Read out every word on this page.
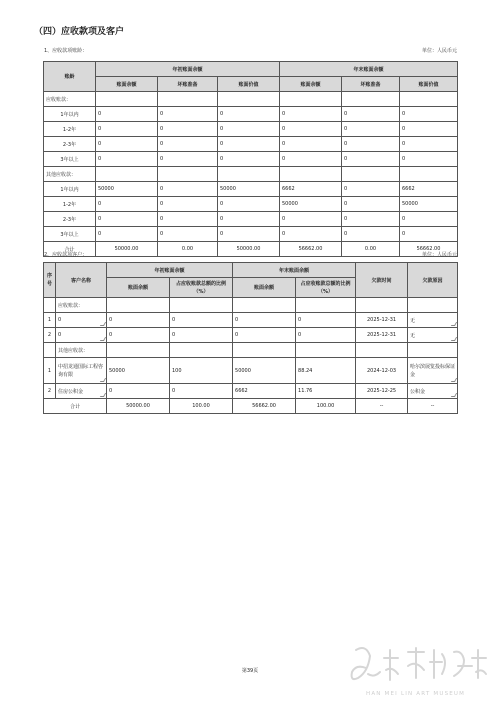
（四）应收款项及客户
1、应收款项账龄：	单位：人民币元
账龄	年初账面余额			年末账面余额		
	账面余额	坏账准备	账面价值	账面余额	坏账准备	账面价值
应收账款：						
1年以内	0	0	0	0	0	0
1-2年	0	0	0	0	0	0
2-3年	0	0	0	0	0	0
3年以上	0	0	0	0	0	0
其他应收款：						
1年以内	50000	0	50000	6662	0	6662
1-2年	0	0	0	50000	0	50000
2-3年	0	0	0	0	0	0
3年以上	0	0	0	0	0	0
合计	50000.00	0.00	50000.00	56662.00	0.00	56662.00
2、应收款项客户：	单位：人民币元
序号	客户名称	年初账面余额		年末账面余额		欠款时间	欠款原因
		账面余额	占应收账款总额的比例（%）	账面余额	占应收账款总额的比例（%）		
	应收账款：						
1	0	0	0	0	0	2025-12-31	无
2	0	0	0	0	0	2025-12-31	无
	其他应收款：						
1	中招龙通国际工程咨询有限	50000	100	50000	88.24	2024-12-03	哈尔滨展览投标保证金
2	住房公积金	0	0	6662	11.76	2025-12-25	公积金
合计		50000.00	100.00	56662.00	100.00	--	--
第39页
HAN MEI LIN ART MUSEUM
